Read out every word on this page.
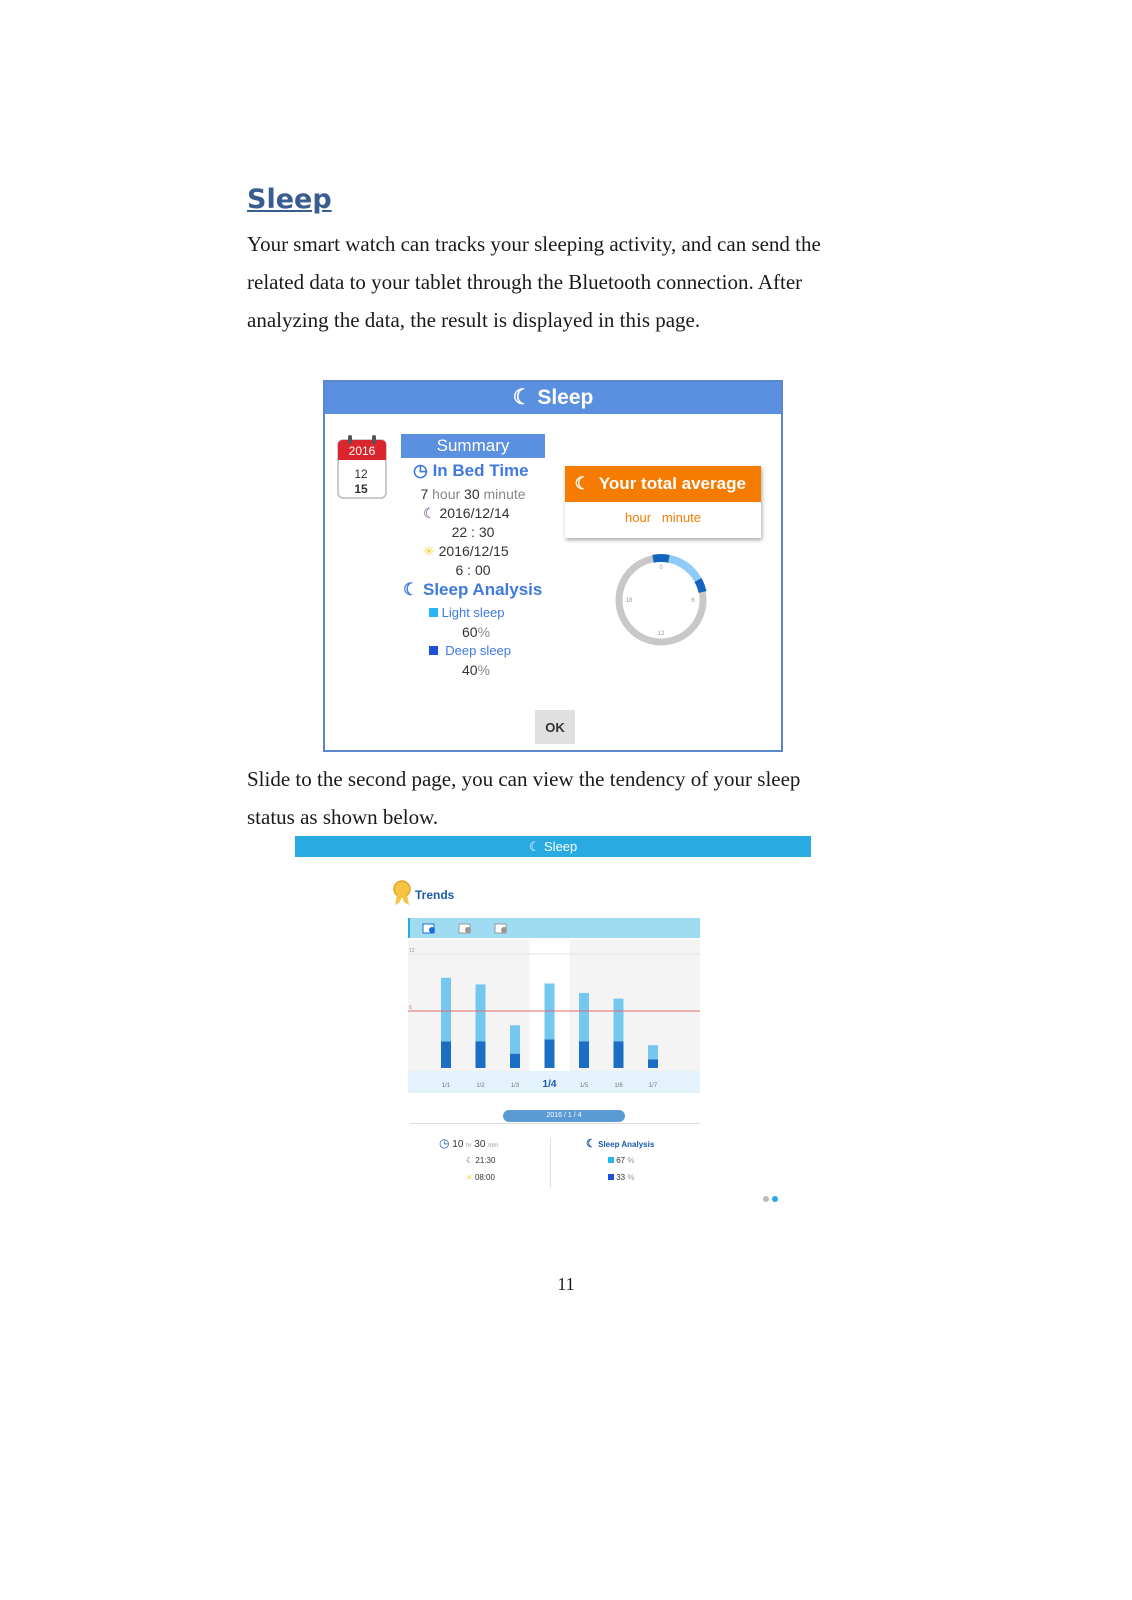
Sleep
Your smart watch can tracks your sleeping activity, and can send the related data to your tablet through the Bluetooth connection. After analyzing the data, the result is displayed in this page.
☾ Sleep
2016
12
15
Summary
◷ In Bed Time
7 hour 30 minute
☾ 2016/12/14
22 : 30
✳ 2016/12/15
6 : 00
☾ Sleep Analysis
Light sleep
60%
Deep sleep
40%
☾ Your total average
hour minute
0
6
12
18
OK
Slide to the second page, you can view the tendency of your sleep status as shown below.
☾ Sleep
Trends
12
1/1	1/2	1/3 1/4	1/5	1/6	1/7
6
2016 / 1 / 4
◷ 10 hr 30 min
☾ 21:30
✳ 08:00
☾ Sleep Analysis
67 %
33 %
11
